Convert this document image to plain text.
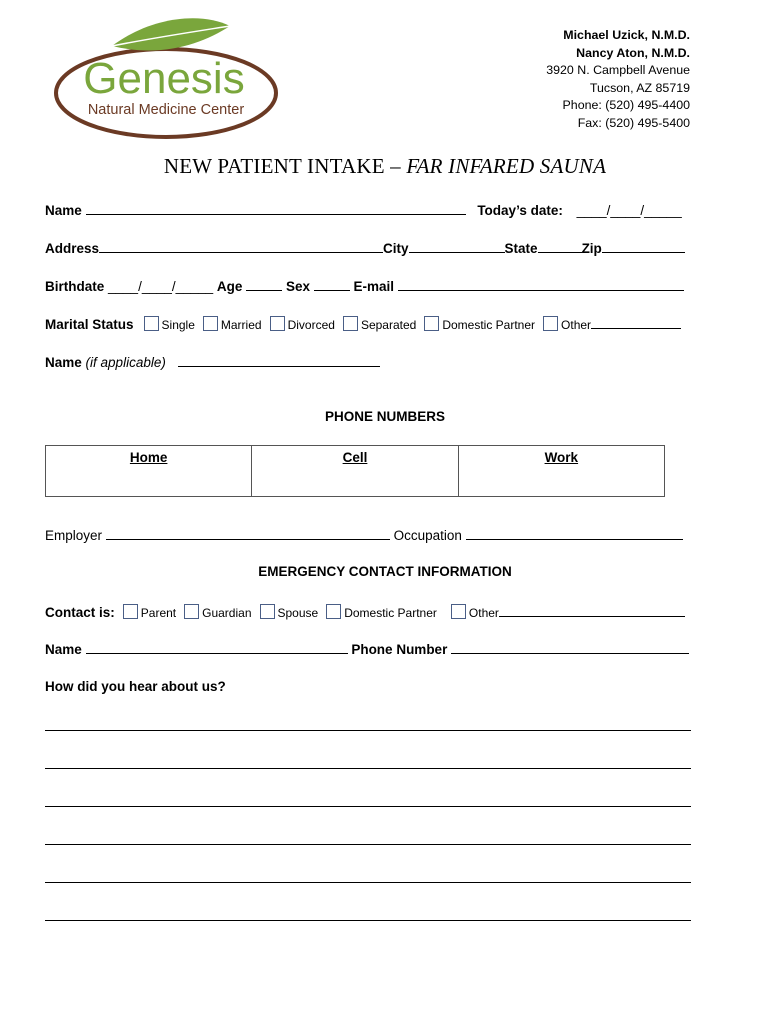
Genesis
Natural Medicine Center
Michael Uzick, N.M.D.
Nancy Aton, N.M.D.
3920 N. Campbell Avenue
Tucson, AZ 85719
Phone: (520) 495-4400
Fax: (520) 495-5400
NEW PATIENT INTAKE – FAR INFARED SAUNA
Name	Today’s date: ____/____/_____
Address	City	State	Zip
Birthdate ____/____/_____ Age	Sex	E-mail
Marital Status Single Married Divorced Separated Domestic Partner Other
Name (if applicable)
PHONE NUMBERS
Home	Cell	Work
Employer	Occupation
EMERGENCY CONTACT INFORMATION
Contact is: Parent Guardian Spouse Domestic Partner	Other
Name	Phone Number
How did you hear about us?
